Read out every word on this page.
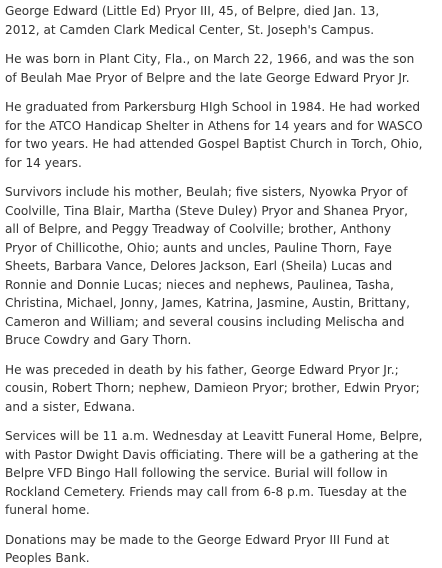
George Edward (Little Ed) Pryor III, 45, of Belpre, died Jan. 13,
2012, at Camden Clark Medical Center, St. Joseph's Campus.

He was born in Plant City, Fla., on March 22, 1966, and was the son
of Beulah Mae Pryor of Belpre and the late George Edward Pryor Jr.

He graduated from Parkersburg HIgh School in 1984. He had worked
for the ATCO Handicap Shelter in Athens for 14 years and for WASCO
for two years. He had attended Gospel Baptist Church in Torch, Ohio,
for 14 years.

Survivors include his mother, Beulah; five sisters, Nyowka Pryor of
Coolville, Tina Blair, Martha (Steve Duley) Pryor and Shanea Pryor,
all of Belpre, and Peggy Treadway of Coolville; brother, Anthony
Pryor of Chillicothe, Ohio; aunts and uncles, Pauline Thorn, Faye
Sheets, Barbara Vance, Delores Jackson, Earl (Sheila) Lucas and
Ronnie and Donnie Lucas; nieces and nephews, Paulinea, Tasha,
Christina, Michael, Jonny, James, Katrina, Jasmine, Austin, Brittany,
Cameron and William; and several cousins including Melischa and
Bruce Cowdry and Gary Thorn.

He was preceded in death by his father, George Edward Pryor Jr.;
cousin, Robert Thorn; nephew, Damieon Pryor; brother, Edwin Pryor;
and a sister, Edwana.

Services will be 11 a.m. Wednesday at Leavitt Funeral Home, Belpre,
with Pastor Dwight Davis officiating. There will be a gathering at the
Belpre VFD Bingo Hall following the service. Burial will follow in
Rockland Cemetery. Friends may call from 6-8 p.m. Tuesday at the
funeral home.

Donations may be made to the George Edward Pryor III Fund at
Peoples Bank.
